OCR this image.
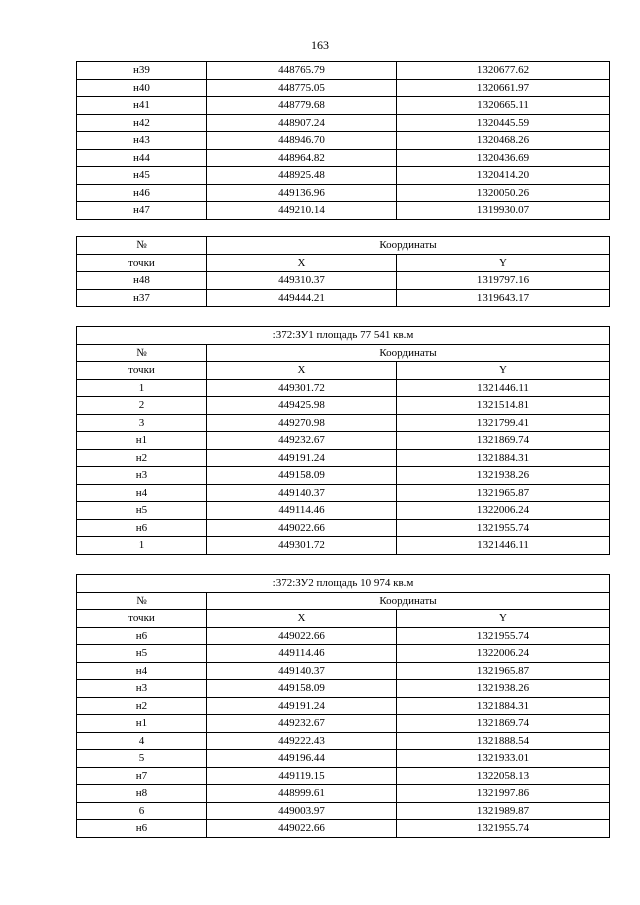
163
н39	448765.79	1320677.62
н40	448775.05	1320661.97
н41	448779.68	1320665.11
н42	448907.24	1320445.59
н43	448946.70	1320468.26
н44	448964.82	1320436.69
н45	448925.48	1320414.20
н46	449136.96	1320050.26
н47	449210.14	1319930.07
№	Координаты	
точки	X	Y
н48	449310.37	1319797.16
н37	449444.21	1319643.17
:372:ЗУ1 площадь 77 541 кв.м		
№	Координаты	
точки	X	Y
1	449301.72	1321446.11
2	449425.98	1321514.81
3	449270.98	1321799.41
н1	449232.67	1321869.74
н2	449191.24	1321884.31
н3	449158.09	1321938.26
н4	449140.37	1321965.87
н5	449114.46	1322006.24
н6	449022.66	1321955.74
1	449301.72	1321446.11
:372:ЗУ2 площадь 10 974 кв.м		
№	Координаты	
точки	X	Y
н6	449022.66	1321955.74
н5	449114.46	1322006.24
н4	449140.37	1321965.87
н3	449158.09	1321938.26
н2	449191.24	1321884.31
н1	449232.67	1321869.74
4	449222.43	1321888.54
5	449196.44	1321933.01
н7	449119.15	1322058.13
н8	448999.61	1321997.86
6	449003.97	1321989.87
н6	449022.66	1321955.74
